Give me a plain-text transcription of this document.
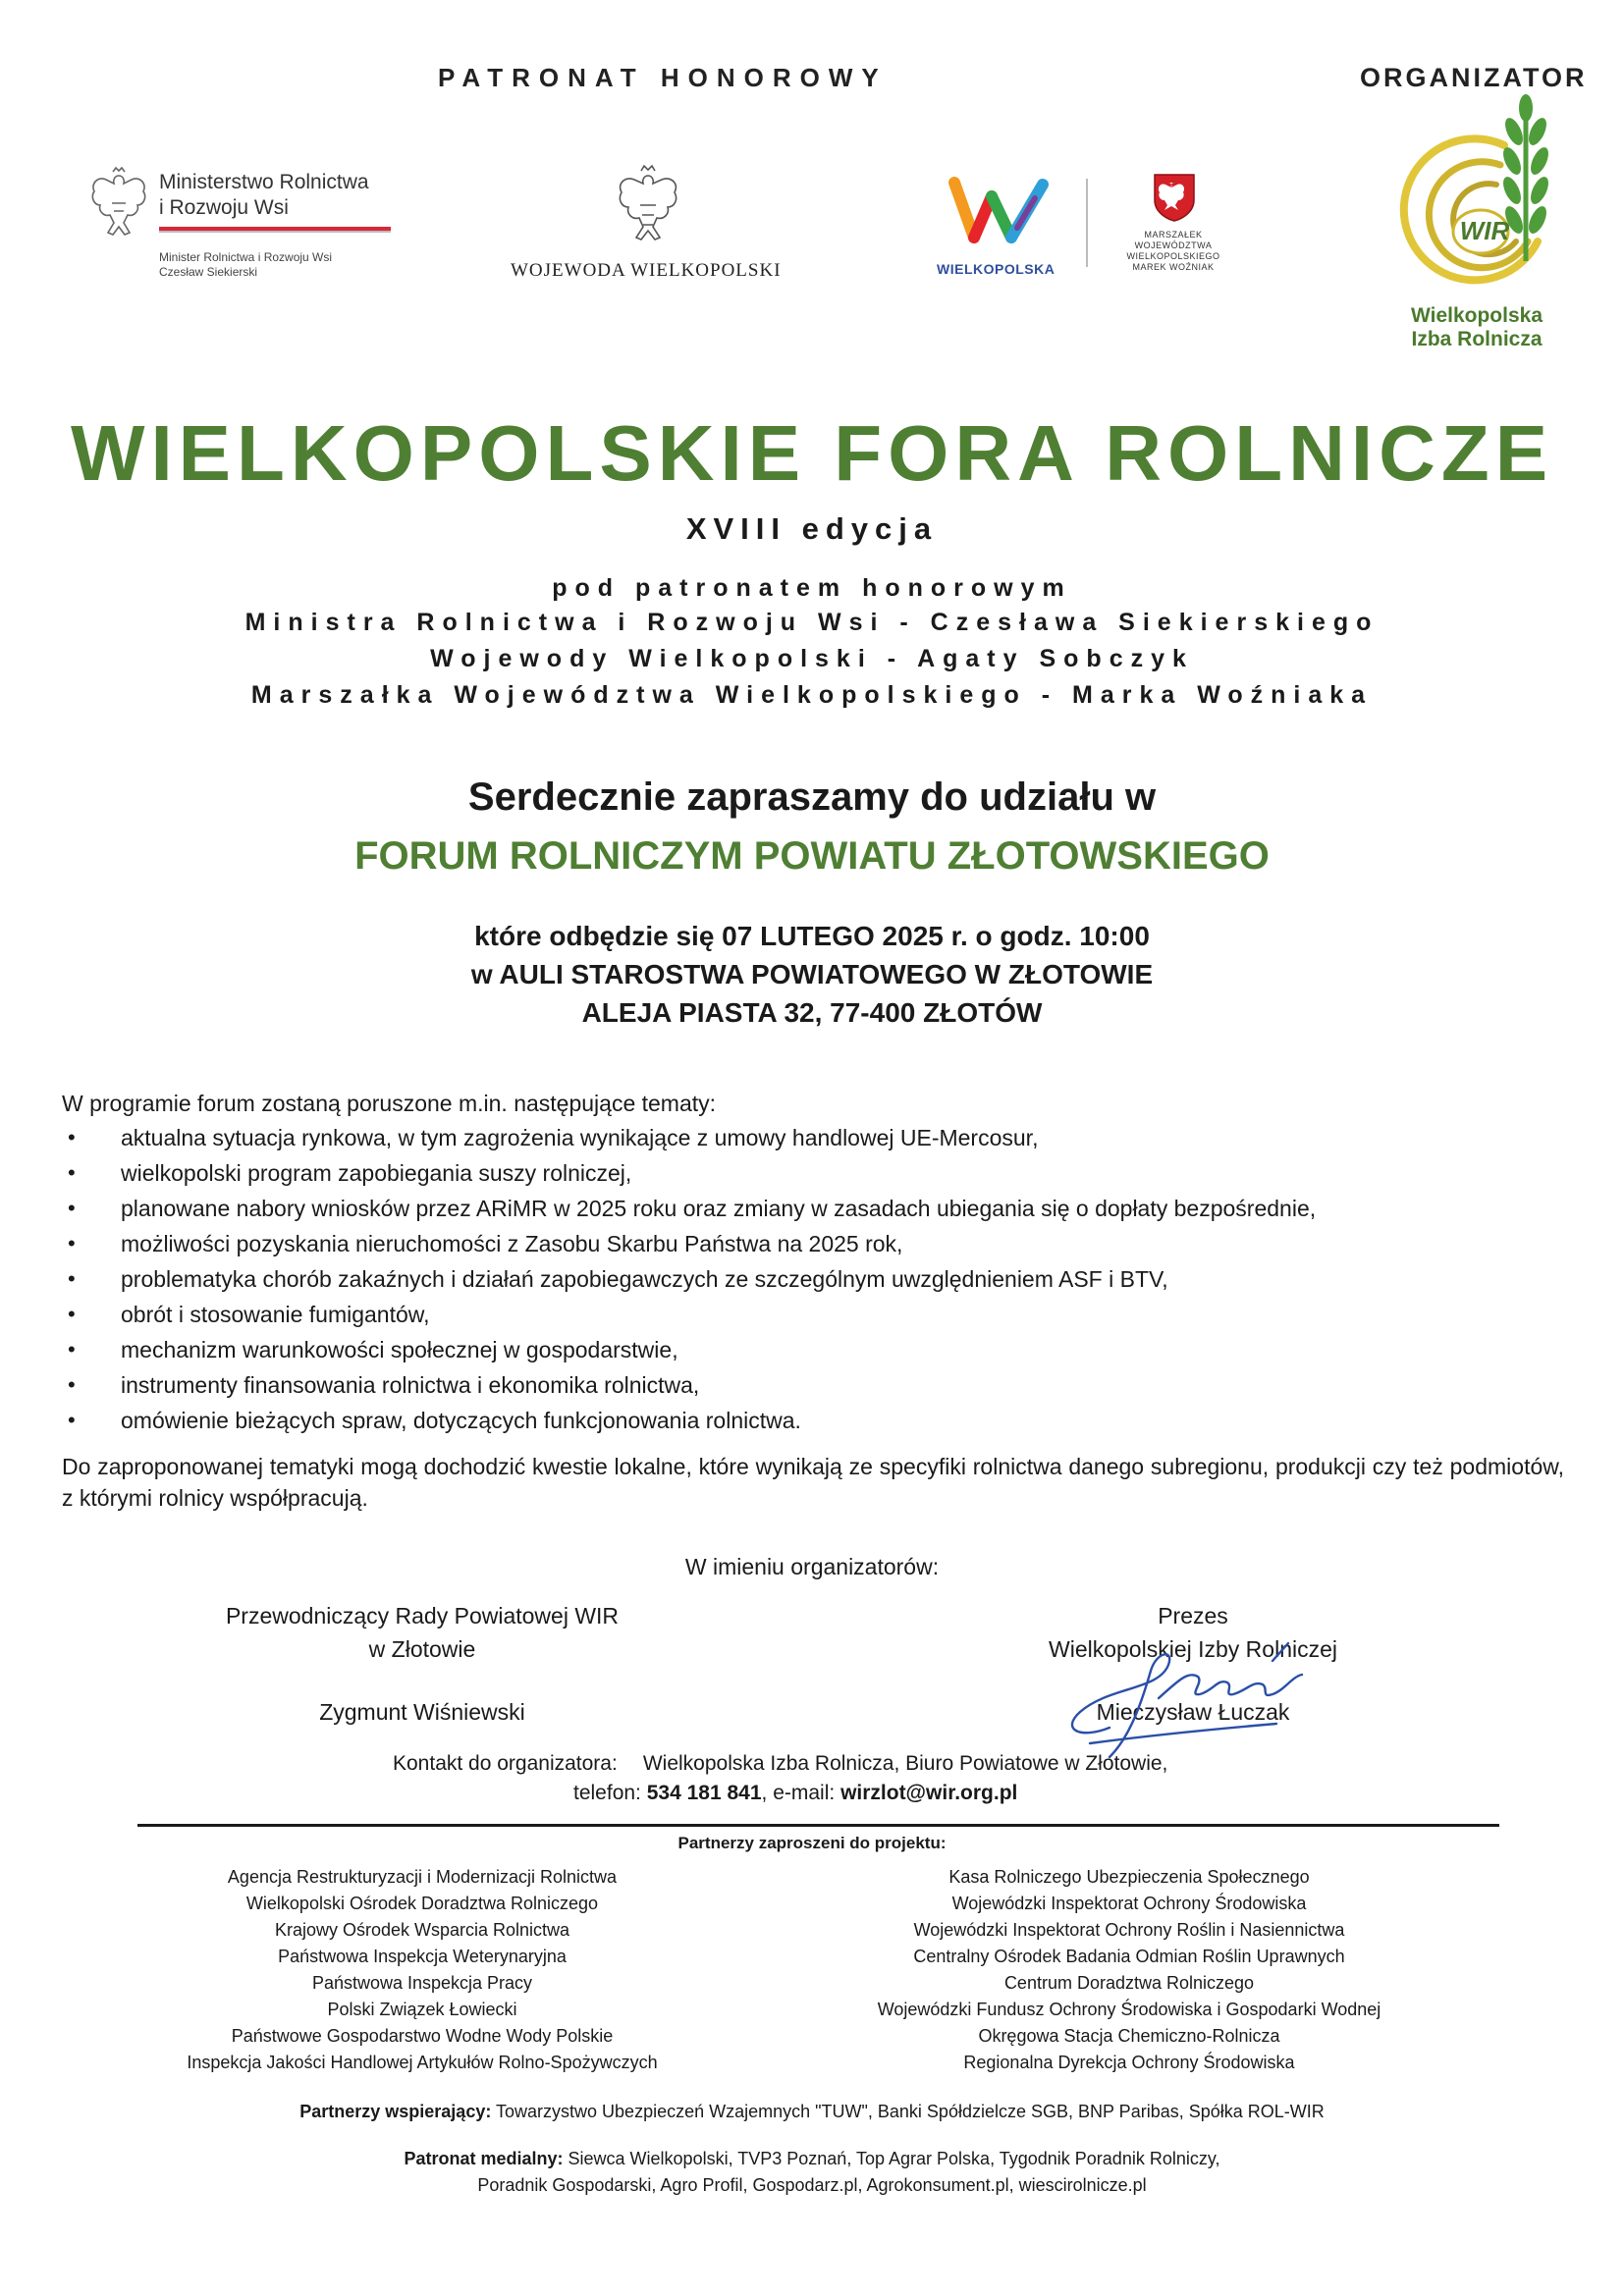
PATRONAT HONOROWY	ORGANIZATOR
Ministerstwo Rolnictwa
i Rozwoju Wsi
Minister Rolnictwa i Rozwoju Wsi
Czesław Siekierski	WOJEWODA WIELKOPOLSKI	WIELKOPOLSKA
MARSZAŁEK
WOJEWÓDZTWA
WIELKOPOLSKIEGO
MAREK WOŹNIAK
WIR
Wielkopolska
Izba Rolnicza
WIELKOPOLSKIE FORA ROLNICZE
XVIII edycja
pod patronatem honorowym
Ministra Rolnictwa i Rozwoju Wsi - Czesława Siekierskiego
Wojewody Wielkopolski - Agaty Sobczyk
Marszałka Województwa Wielkopolskiego - Marka Woźniaka
Serdecznie zapraszamy do udziału w
FORUM ROLNICZYM POWIATU ZŁOTOWSKIEGO
które odbędzie się 07 LUTEGO 2025 r. o godz. 10:00
w AULI STAROSTWA POWIATOWEGO W ZŁOTOWIE
ALEJA PIASTA 32, 77-400 ZŁOTÓW
W programie forum zostaną poruszone m.in. następujące tematy:
• aktualna sytuacja rynkowa, w tym zagrożenia wynikające z umowy handlowej UE-Mercosur,
• wielkopolski program zapobiegania suszy rolniczej,
• planowane nabory wniosków przez ARiMR w 2025 roku oraz zmiany w zasadach ubiegania się o dopłaty bezpośrednie,
• możliwości pozyskania nieruchomości z Zasobu Skarbu Państwa na 2025 rok,
• problematyka chorób zakaźnych i działań zapobiegawczych ze szczególnym uwzględnieniem ASF i BTV,
• obrót i stosowanie fumigantów,
• mechanizm warunkowości społecznej w gospodarstwie,
• instrumenty finansowania rolnictwa i ekonomika rolnictwa,
• omówienie bieżących spraw, dotyczących funkcjonowania rolnictwa.
Do zaproponowanej tematyki mogą dochodzić kwestie lokalne, które wynikają ze specyfiki rolnictwa danego subregionu, produkcji czy też podmiotów, z którymi rolnicy współpracują.
W imieniu organizatorów:
Przewodniczący Rady Powiatowej WIR
w Złotowie
Zygmunt Wiśniewski
Prezes
Wielkopolskiej Izby Rolniczej
Mieczysław Łuczak
Kontakt do organizatora: Wielkopolska Izba Rolnicza, Biuro Powiatowe w Złotowie,
telefon: 534 181 841, e-mail: wirzlot@wir.org.pl
Partnerzy zaproszeni do projektu:
Agencja Restrukturyzacji i Modernizacji Rolnictwa
Wielkopolski Ośrodek Doradztwa Rolniczego
Krajowy Ośrodek Wsparcia Rolnictwa
Państwowa Inspekcja Weterynaryjna
Państwowa Inspekcja Pracy
Polski Związek Łowiecki
Państwowe Gospodarstwo Wodne Wody Polskie
Inspekcja Jakości Handlowej Artykułów Rolno-Spożywczych
Kasa Rolniczego Ubezpieczenia Społecznego
Wojewódzki Inspektorat Ochrony Środowiska
Wojewódzki Inspektorat Ochrony Roślin i Nasiennictwa
Centralny Ośrodek Badania Odmian Roślin Uprawnych
Centrum Doradztwa Rolniczego
Wojewódzki Fundusz Ochrony Środowiska i Gospodarki Wodnej
Okręgowa Stacja Chemiczno-Rolnicza
Regionalna Dyrekcja Ochrony Środowiska
Partnerzy wspierający: Towarzystwo Ubezpieczeń Wzajemnych "TUW", Banki Spółdzielcze SGB, BNP Paribas, Spółka ROL-WIR
Patronat medialny: Siewca Wielkopolski, TVP3 Poznań, Top Agrar Polska, Tygodnik Poradnik Rolniczy,
Poradnik Gospodarski, Agro Profil, Gospodarz.pl, Agrokonsument.pl, wiescirolnicze.pl
